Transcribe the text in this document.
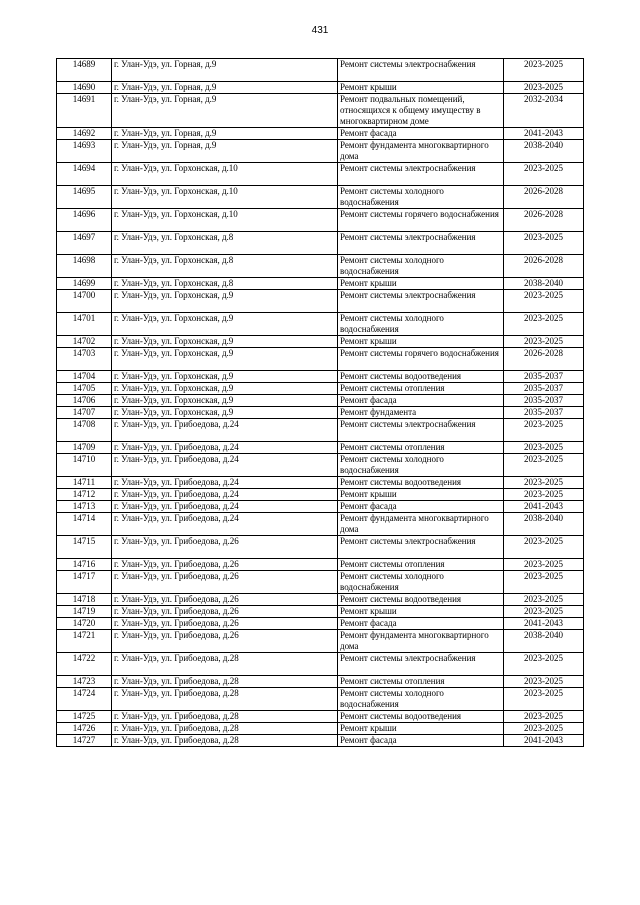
431
14689	г. Улан-Удэ, ул. Горная, д.9	Ремонт системы электроснабжения	2023-2025
14690	г. Улан-Удэ, ул. Горная, д.9	Ремонт крыши	2023-2025
14691	г. Улан-Удэ, ул. Горная, д.9	Ремонт подвальных помещений, относящихся к общему имуществу в многоквартирном доме	2032-2034
14692	г. Улан-Удэ, ул. Горная, д.9	Ремонт фасада	2041-2043
14693	г. Улан-Удэ, ул. Горная, д.9	Ремонт фундамента многоквартирного дома	2038-2040
14694	г. Улан-Удэ, ул. Горхонская, д.10	Ремонт системы электроснабжения	2023-2025
14695	г. Улан-Удэ, ул. Горхонская, д.10	Ремонт системы холодного водоснабжения	2026-2028
14696	г. Улан-Удэ, ул. Горхонская, д.10	Ремонт системы горячего водоснабжения	2026-2028
14697	г. Улан-Удэ, ул. Горхонская, д.8	Ремонт системы электроснабжения	2023-2025
14698	г. Улан-Удэ, ул. Горхонская, д.8	Ремонт системы холодного водоснабжения	2026-2028
14699	г. Улан-Удэ, ул. Горхонская, д.8	Ремонт крыши	2038-2040
14700	г. Улан-Удэ, ул. Горхонская, д.9	Ремонт системы электроснабжения	2023-2025
14701	г. Улан-Удэ, ул. Горхонская, д.9	Ремонт системы холодного водоснабжения	2023-2025
14702	г. Улан-Удэ, ул. Горхонская, д.9	Ремонт крыши	2023-2025
14703	г. Улан-Удэ, ул. Горхонская, д.9	Ремонт системы горячего водоснабжения	2026-2028
14704	г. Улан-Удэ, ул. Горхонская, д.9	Ремонт системы водоотведения	2035-2037
14705	г. Улан-Удэ, ул. Горхонская, д.9	Ремонт системы отопления	2035-2037
14706	г. Улан-Удэ, ул. Горхонская, д.9	Ремонт фасада	2035-2037
14707	г. Улан-Удэ, ул. Горхонская, д.9	Ремонт фундамента	2035-2037
14708	г. Улан-Удэ, ул. Грибоедова, д.24	Ремонт системы электроснабжения	2023-2025
14709	г. Улан-Удэ, ул. Грибоедова, д.24	Ремонт системы отопления	2023-2025
14710	г. Улан-Удэ, ул. Грибоедова, д.24	Ремонт системы холодного водоснабжения	2023-2025
14711	г. Улан-Удэ, ул. Грибоедова, д.24	Ремонт системы водоотведения	2023-2025
14712	г. Улан-Удэ, ул. Грибоедова, д.24	Ремонт крыши	2023-2025
14713	г. Улан-Удэ, ул. Грибоедова, д.24	Ремонт фасада	2041-2043
14714	г. Улан-Удэ, ул. Грибоедова, д.24	Ремонт фундамента многоквартирного дома	2038-2040
14715	г. Улан-Удэ, ул. Грибоедова, д.26	Ремонт системы электроснабжения	2023-2025
14716	г. Улан-Удэ, ул. Грибоедова, д.26	Ремонт системы отопления	2023-2025
14717	г. Улан-Удэ, ул. Грибоедова, д.26	Ремонт системы холодного водоснабжения	2023-2025
14718	г. Улан-Удэ, ул. Грибоедова, д.26	Ремонт системы водоотведения	2023-2025
14719	г. Улан-Удэ, ул. Грибоедова, д.26	Ремонт крыши	2023-2025
14720	г. Улан-Удэ, ул. Грибоедова, д.26	Ремонт фасада	2041-2043
14721	г. Улан-Удэ, ул. Грибоедова, д.26	Ремонт фундамента многоквартирного дома	2038-2040
14722	г. Улан-Удэ, ул. Грибоедова, д.28	Ремонт системы электроснабжения	2023-2025
14723	г. Улан-Удэ, ул. Грибоедова, д.28	Ремонт системы отопления	2023-2025
14724	г. Улан-Удэ, ул. Грибоедова, д.28	Ремонт системы холодного водоснабжения	2023-2025
14725	г. Улан-Удэ, ул. Грибоедова, д.28	Ремонт системы водоотведения	2023-2025
14726	г. Улан-Удэ, ул. Грибоедова, д.28	Ремонт крыши	2023-2025
14727	г. Улан-Удэ, ул. Грибоедова, д.28	Ремонт фасада	2041-2043
